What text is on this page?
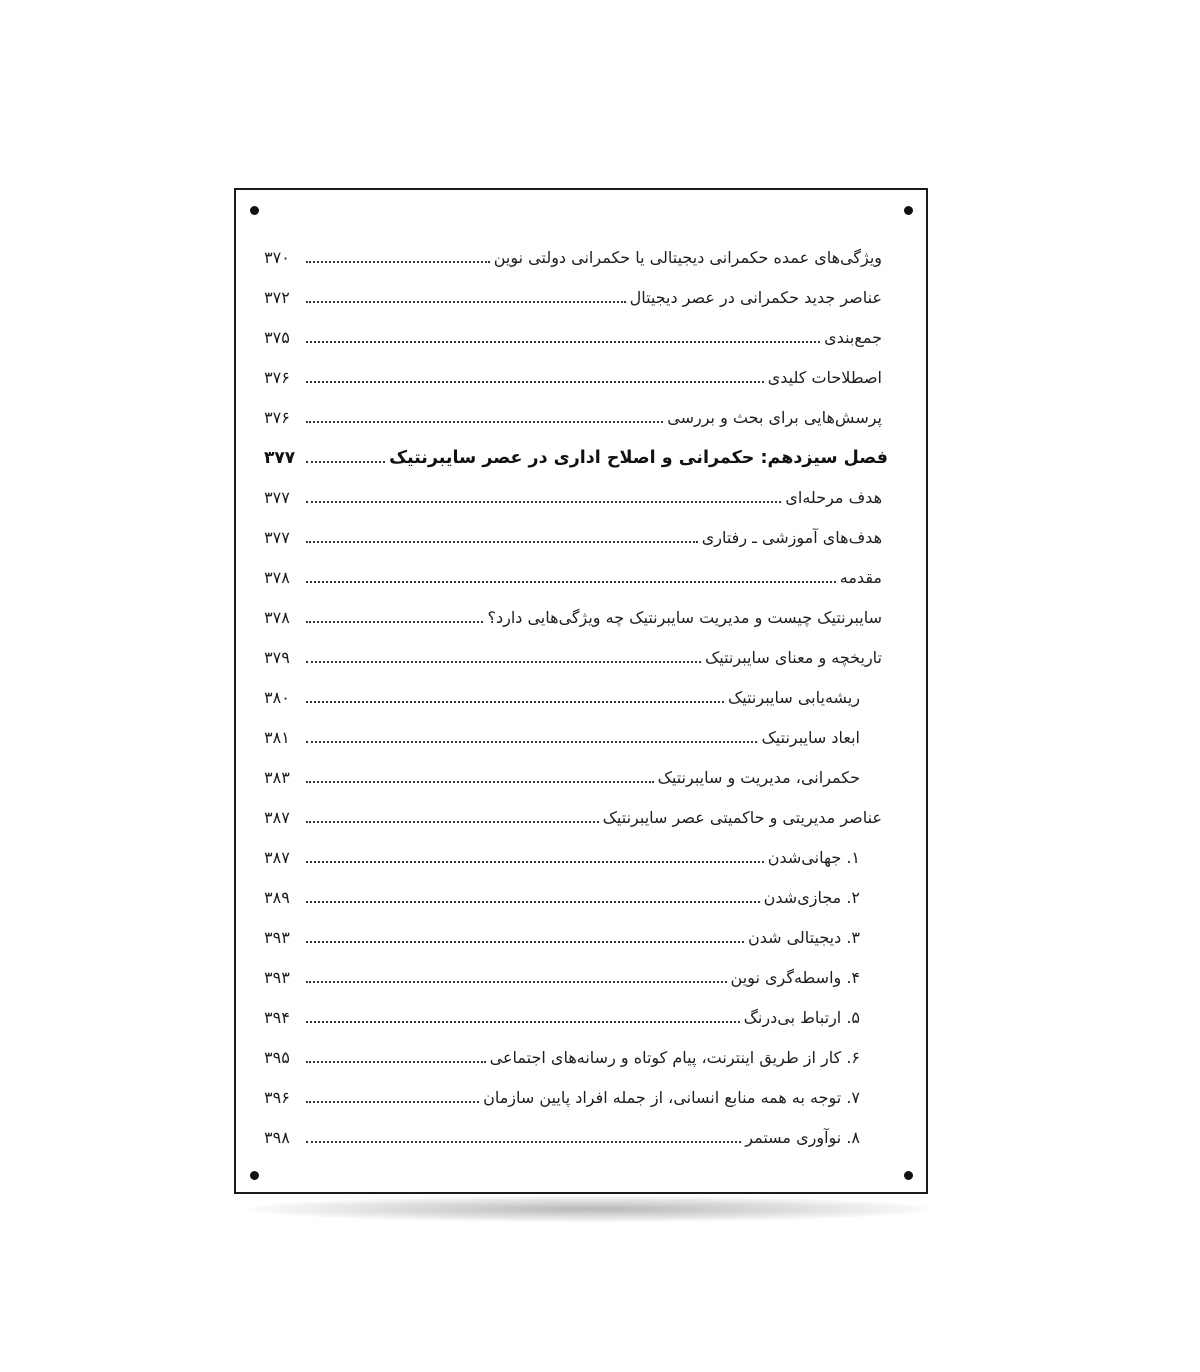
ویژگی‌های عمده حکمرانی دیجیتالی یا حکمرانی دولتی نوین
۳۷۰
عناصر جدید حکمرانی در عصر دیجیتال
۳۷۲
جمع‌بندی
۳۷۵
اصطلاحات کلیدی
۳۷۶
پرسش‌هایی برای بحث و بررسی
۳۷۶
فصل سیزدهم: حکمرانی و اصلاح اداری در عصر سایبرنتیک
۳۷۷
هدف مرحله‌ای
۳۷۷
هدف‌های آموزشی ـ رفتاری
۳۷۷
مقدمه
۳۷۸
سایبرنتیک چیست و مدیریت سایبرنتیک چه ویژگی‌هایی دارد؟
۳۷۸
تاریخچه و معنای سایبرنتیک
۳۷۹
ریشه‌یابی سایبرنتیک
۳۸۰
ابعاد سایبرنتیک
۳۸۱
حکمرانی، مدیریت و سایبرنتیک
۳۸۳
عناصر مدیریتی و حاکمیتی عصر سایبرنتیک
۳۸۷
۱. جهانی‌شدن
۳۸۷
۲. مجازی‌شدن
۳۸۹
۳. دیجیتالی شدن
۳۹۳
۴. واسطه‌گری نوین
۳۹۳
۵. ارتباط بی‌درنگ
۳۹۴
۶. کار از طریق اینترنت، پیام کوتاه و رسانه‌های اجتماعی
۳۹۵
۷. توجه به همه منابع انسانی، از جمله افراد پایین سازمان
۳۹۶
۸. نوآوری مستمر
۳۹۸
